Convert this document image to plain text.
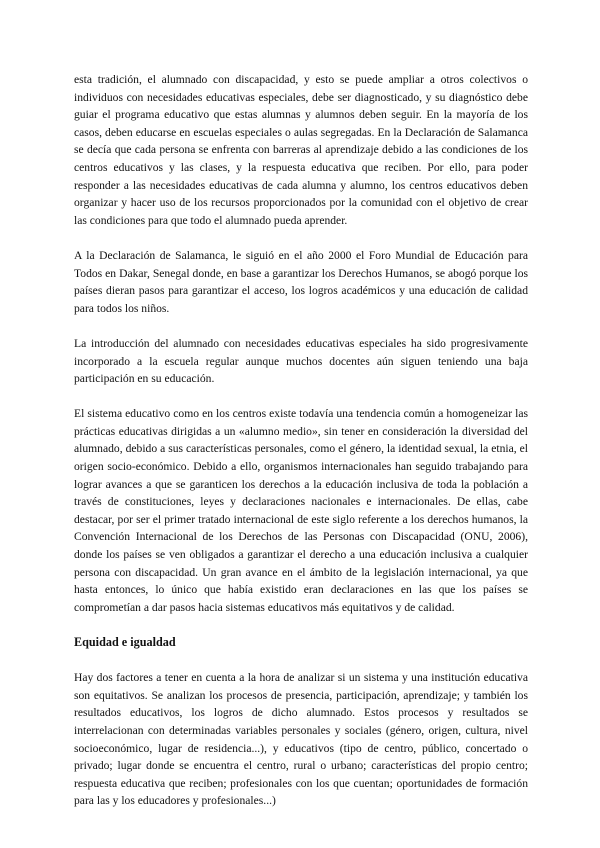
esta tradición, el alumnado con discapacidad, y esto se puede ampliar a otros colectivos o individuos con necesidades educativas especiales, debe ser diagnosticado, y su diagnóstico debe guiar el programa educativo que estas alumnas y alumnos deben seguir. En la mayoría de los casos, deben educarse en escuelas especiales o aulas segregadas. En la Declaración de Salamanca se decía que cada persona se enfrenta con barreras al aprendizaje debido a las condiciones de los centros educativos y las clases, y la respuesta educativa que reciben. Por ello, para poder responder a las necesidades educativas de cada alumna y alumno, los centros educativos deben organizar y hacer uso de los recursos proporcionados por la comunidad con el objetivo de crear las condiciones para que todo el alumnado pueda aprender.

A la Declaración de Salamanca, le siguió en el año 2000 el Foro Mundial de Educación para Todos en Dakar, Senegal donde, en base a garantizar los Derechos Humanos, se abogó porque los países dieran pasos para garantizar el acceso, los logros académicos y una educación de calidad para todos los niños.

La introducción del alumnado con necesidades educativas especiales ha sido progresivamente incorporado a la escuela regular aunque muchos docentes aún siguen teniendo una baja participación en su educación.

El sistema educativo como en los centros existe todavía una tendencia común a homogeneizar las prácticas educativas dirigidas a un «alumno medio», sin tener en consideración la diversidad del alumnado, debido a sus características personales, como el género, la identidad sexual, la etnia, el origen socio-económico. Debido a ello, organismos internacionales han seguido trabajando para lograr avances a que se garanticen los derechos a la educación inclusiva de toda la población a través de constituciones, leyes y declaraciones nacionales e internacionales. De ellas, cabe destacar, por ser el primer tratado internacional de este siglo referente a los derechos humanos, la Convención Internacional de los Derechos de las Personas con Discapacidad (ONU, 2006), donde los países se ven obligados a garantizar el derecho a una educación inclusiva a cualquier persona con discapacidad. Un gran avance en el ámbito de la legislación internacional, ya que hasta entonces, lo único que había existido eran declaraciones en las que los países se comprometían a dar pasos hacia sistemas educativos más equitativos y de calidad.

Equidad e igualdad

Hay dos factores a tener en cuenta a la hora de analizar si un sistema y una institución educativa son equitativos. Se analizan los procesos de presencia, participación, aprendizaje; y también los resultados educativos, los logros de dicho alumnado. Estos procesos y resultados se interrelacionan con determinadas variables personales y sociales (género, origen, cultura, nivel socioeconómico, lugar de residencia...), y educativos (tipo de centro, público, concertado o privado; lugar donde se encuentra el centro, rural o urbano; características del propio centro; respuesta educativa que reciben; profesionales con los que cuentan; oportunidades de formación para las y los educadores y profesionales...)
